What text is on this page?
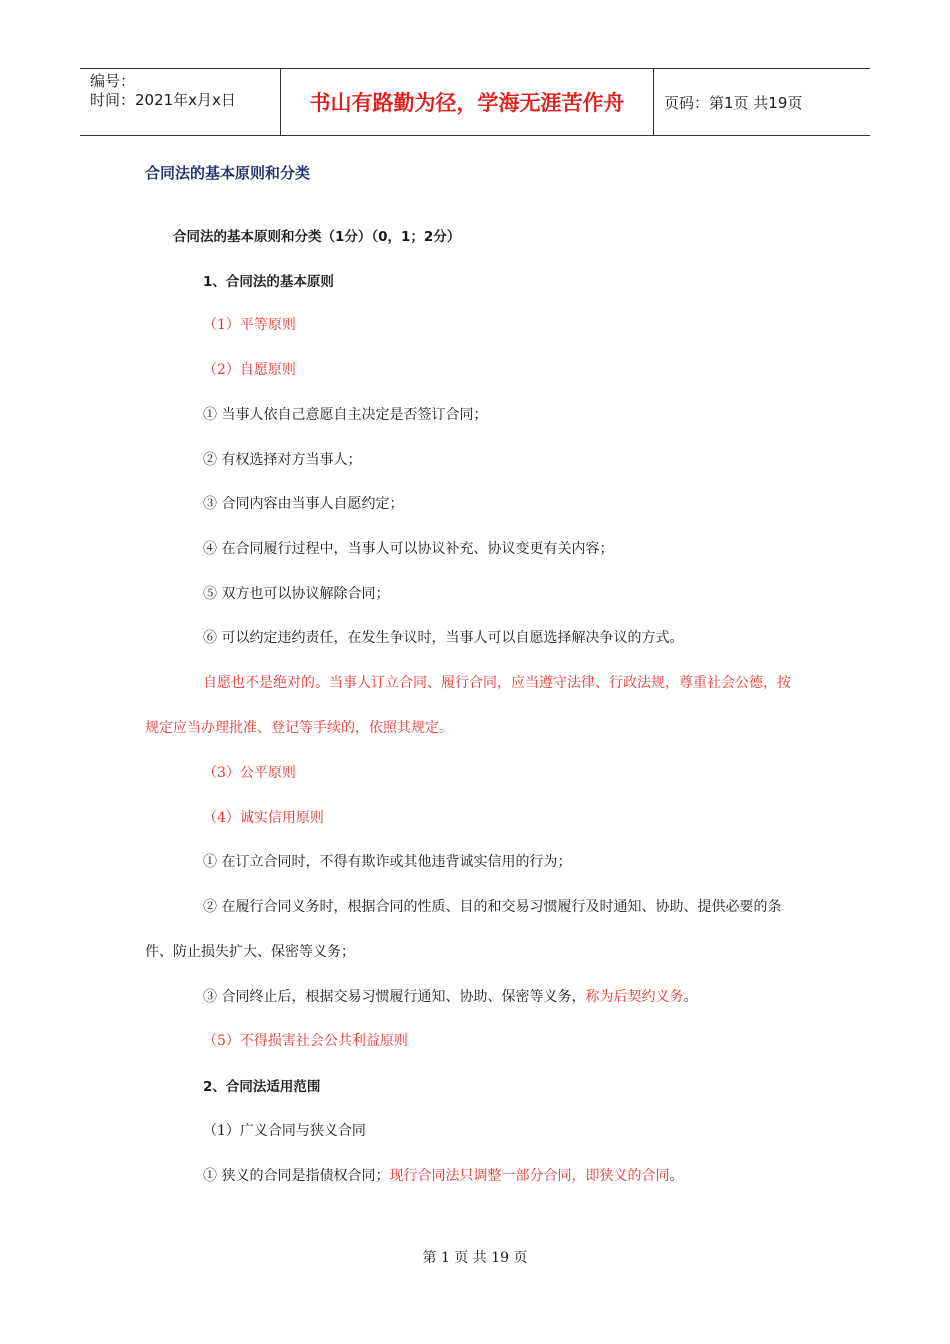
编号：
时间：2021年x月x日	书山有路勤为径，学海无涯苦作舟	页码：第1页 共19页
合同法的基本原则和分类
合同法的基本原则和分类（1分）（0，1；2分）
1、合同法的基本原则
（1）平等原则
（2）自愿原则
① 当事人依自己意愿自主决定是否签订合同；
② 有权选择对方当事人；
③ 合同内容由当事人自愿约定；
④ 在合同履行过程中，当事人可以协议补充、协议变更有关内容；
⑤ 双方也可以协议解除合同；
⑥ 可以约定违约责任，在发生争议时，当事人可以自愿选择解决争议的方式。
自愿也不是绝对的。当事人订立合同、履行合同，应当遵守法律、行政法规，尊重社会公德，按
规定应当办理批准、登记等手续的，依照其规定。
（3）公平原则
（4）诚实信用原则
① 在订立合同时，不得有欺诈或其他违背诚实信用的行为；
② 在履行合同义务时，根据合同的性质、目的和交易习惯履行及时通知、协助、提供必要的条
件、防止损失扩大、保密等义务；
③ 合同终止后，根据交易习惯履行通知、协助、保密等义务，称为后契约义务。
（5）不得损害社会公共利益原则
2、合同法适用范围
（1）广义合同与狭义合同
① 狭义的合同是指债权合同；现行合同法只调整一部分合同，即狭义的合同。
第 1 页 共 19 页
